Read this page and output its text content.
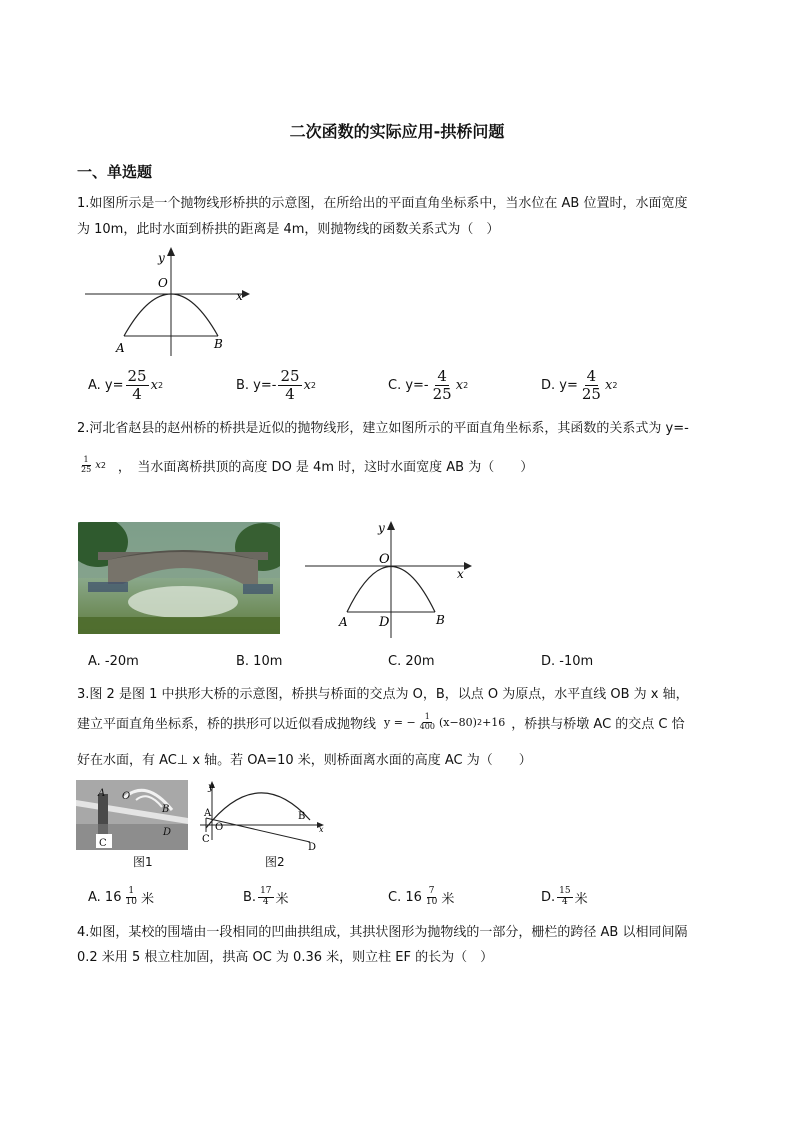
二次函数的实际应用-拱桥问题
一、单选题
1.如图所示是一个抛物线形桥拱的示意图，在所给出的平面直角坐标系中，当水位在 AB 位置时，水面宽度
为 10m，此时水面到桥拱的距离是 4m，则抛物线的函数关系式为（　）
y
O
x
A	B
A. $y= \frac{25}{4}$ x 2	B. $y=- \frac{25}{4}$ x 2	C. $y=- \frac{4}{25}$ x 2	D. $y= \frac{4}{25}$ x 2
2.河北省赵县的赵州桥的桥拱是近似的抛物线形，建立如图所示的平面直角坐标系，其函数的关系式为 y=-
$\frac{1}{25}$ x 2 ，　当水面离桥拱顶的高度 DO 是 4m 时，这时水面宽度 AB 为（　　）
y
O
x
A D	B
A. -20m	B. 10m	C. 20m	D. -10m
3.图 2 是图 1 中拱形大桥的示意图，桥拱与桥面的交点为 O，B，以点 O 为原点，水平直线 OB 为 x 轴，
建立平面直角坐标系，桥的拱形可以近似看成抛物线 y = − $\frac{1}{400} (x-80)$ 2 +16 ，桥拱与桥墩 AC 的交点 C 恰
好在水面，有 AC⊥ x 轴。若 OA=10 米，则桥面离水面的高度 AC 为（　　）
A O
B
D
C
图1
y
A
O
B
x
C
D
图2
A. $16 \frac{1}{10}$ 米	B. $\frac{17}{4}$ 米	C. $16 \frac{7}{10}$ 米	D. $\frac{15}{4}$ 米
4.如图，某校的围墙由一段相同的凹曲拱组成，其拱状图形为抛物线的一部分，栅栏的跨径 AB 以相同间隔
0.2 米用 5 根立柱加固，拱高 OC 为 0.36 米，则立柱 EF 的长为（　）
